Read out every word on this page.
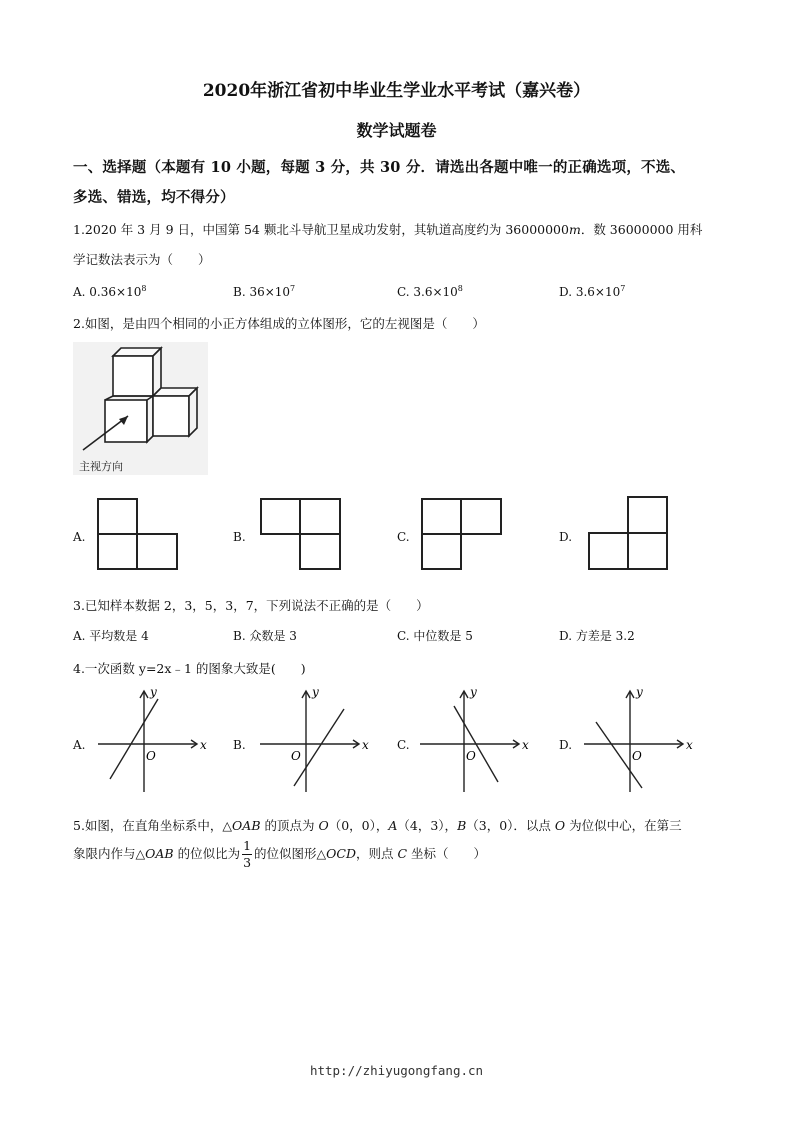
2020年浙江省初中毕业生学业水平考试（嘉兴卷）
数学试题卷
一、选择题（本题有 10 小题，每题 3 分，共 30 分．请选出各题中唯一的正确选项，不选、
多选、错选，均不得分）
1.2020 年 3 月 9 日，中国第 54 颗北斗导航卫星成功发射，其轨道高度约为 36000000m．数 36000000 用科
学记数法表示为（　　）
A. $0.36\times 10^8$	B. $36\times 10^7$	C. $3.6\times 10^8$	D. $3.6\times 10^7$
2.如图，是由四个相同的小正方体组成的立体图形，它的左视图是（　　）
主视方向
A.	B.	C.	D.
3.已知样本数据 2，3，5，3，7，下列说法不正确的是（　　）
A. 平均数是 4	B. 众数是 3	C. 中位数是 5	D. 方差是 3.2
4.一次函数 y=2x﹣1 的图象大致是(　　)
A.	x
y
O
B.	x
y
O
C.	x
y
O
D.	x
y
O
5.如图，在直角坐标系中，△OAB 的顶点为 O（0，0），A（4，3），B（3，0）．以点 O 为位似中心，在第三
象限内作与△OAB 的位似比为 $\frac{1}{3}$ 的位似图形△OCD，则点 C 坐标（　　）
http://zhiyugongfang.cn
